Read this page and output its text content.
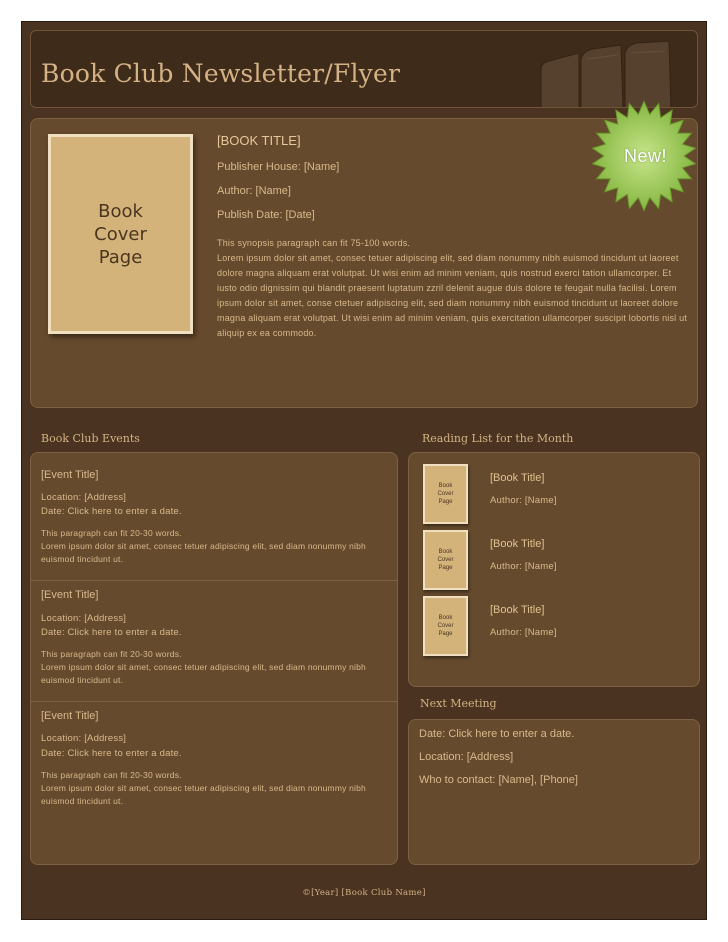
Book Club Newsletter/Flyer
Book
Cover
Page
[BOOK TITLE]
Publisher House: [Name]
Author: [Name]
Publish Date: [Date]
This synopsis paragraph can fit 75-100 words.
Lorem ipsum dolor sit amet, consec tetuer adipiscing elit, sed diam nonummy nibh euismod tincidunt ut laoreet dolore magna aliquam erat volutpat. Ut wisi enim ad minim veniam, quis nostrud exerci tation ullamcorper. Et iusto odio dignissim qui blandit praesent luptatum zzril delenit augue duis dolore te feugait nulla facilisi. Lorem ipsum dolor sit amet, conse ctetuer adipiscing elit, sed diam nonummy nibh euismod tincidunt ut laoreet dolore magna aliquam erat volutpat. Ut wisi enim ad minim veniam, quis exercitation ullamcorper suscipit lobortis nisl ut aliquip ex ea commodo.
New!
Book Club Events
[Event Title]
Location: [Address]
Date: Click here to enter a date.
This paragraph can fit 20-30 words.
Lorem ipsum dolor sit amet, consec tetuer adipiscing elit, sed diam nonummy nibh euismod tincidunt ut.
[Event Title]
Location: [Address]
Date: Click here to enter a date.
This paragraph can fit 20-30 words.
Lorem ipsum dolor sit amet, consec tetuer adipiscing elit, sed diam nonummy nibh euismod tincidunt ut.
[Event Title]
Location: [Address]
Date: Click here to enter a date.
This paragraph can fit 20-30 words.
Lorem ipsum dolor sit amet, consec tetuer adipiscing elit, sed diam nonummy nibh euismod tincidunt ut.
Reading List for the Month
Book Cover Page
[Book Title]
Author: [Name]
Book Cover Page
[Book Title]
Author: [Name]
Book Cover Page
[Book Title]
Author: [Name]
Next Meeting
Date: Click here to enter a date.
Location: [Address]
Who to contact: [Name], [Phone]
©[Year] [Book Club Name]
